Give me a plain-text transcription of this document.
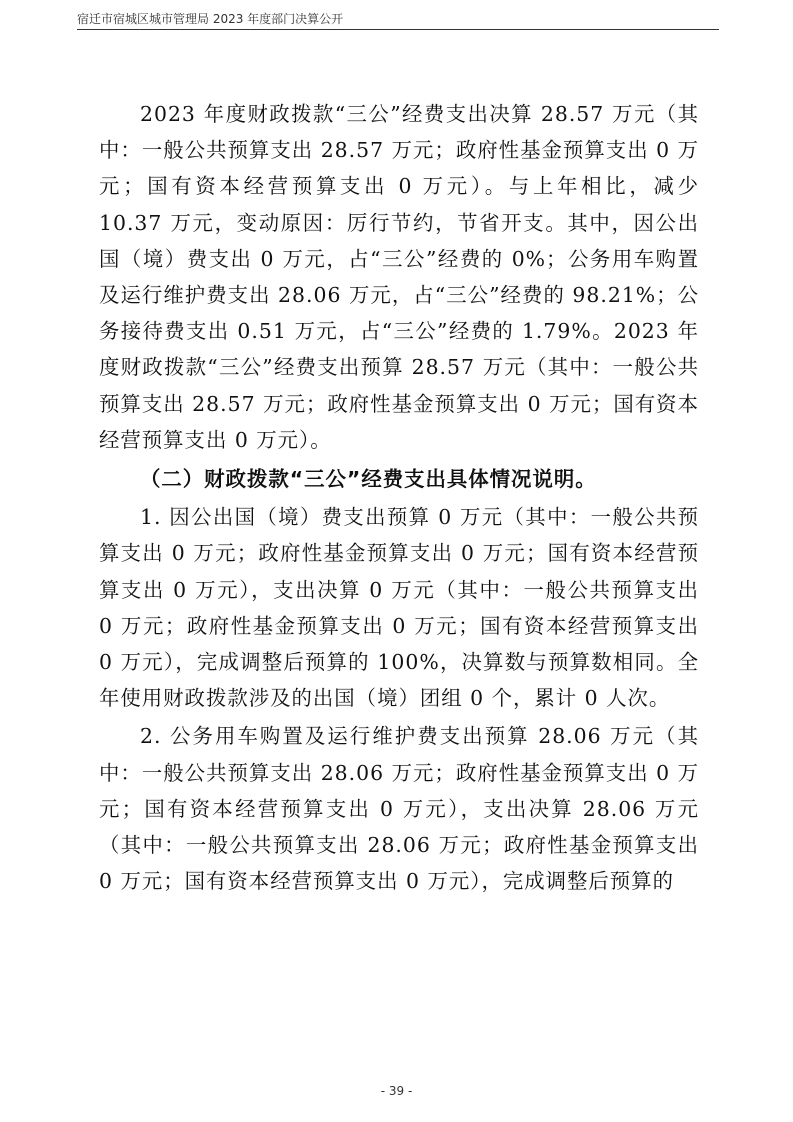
宿迁市宿城区城市管理局 2023 年度部门决算公开

2023 年度财政拨款“三公”经费支出决算 28.57 万元（其中：一般公共预算支出 28.57 万元；政府性基金预算支出 0 万元；国有资本经营预算支出 0 万元）。与上年相比，减少 10.37 万元，变动原因：厉行节约，节省开支。其中，因公出国（境）费支出 0 万元，占“三公”经费的 0%；公务用车购置及运行维护费支出 28.06 万元，占“三公”经费的 98.21%；公务接待费支出 0.51 万元，占“三公”经费的 1.79%。2023 年度财政拨款“三公”经费支出预算 28.57 万元（其中：一般公共预算支出 28.57 万元；政府性基金预算支出 0 万元；国有资本经营预算支出 0 万元）。

（二）财政拨款“三公”经费支出具体情况说明。

1. 因公出国（境）费支出预算 0 万元（其中：一般公共预算支出 0 万元；政府性基金预算支出 0 万元；国有资本经营预算支出 0 万元），支出决算 0 万元（其中：一般公共预算支出 0 万元；政府性基金预算支出 0 万元；国有资本经营预算支出 0 万元），完成调整后预算的 100%，决算数与预算数相同。全年使用财政拨款涉及的出国（境）团组 0 个，累计 0 人次。

2. 公务用车购置及运行维护费支出预算 28.06 万元（其中：一般公共预算支出 28.06 万元；政府性基金预算支出 0 万元；国有资本经营预算支出 0 万元），支出决算 28.06 万元（其中：一般公共预算支出 28.06 万元；政府性基金预算支出 0 万元；国有资本经营预算支出 0 万元），完成调整后预算的

- 39 -
